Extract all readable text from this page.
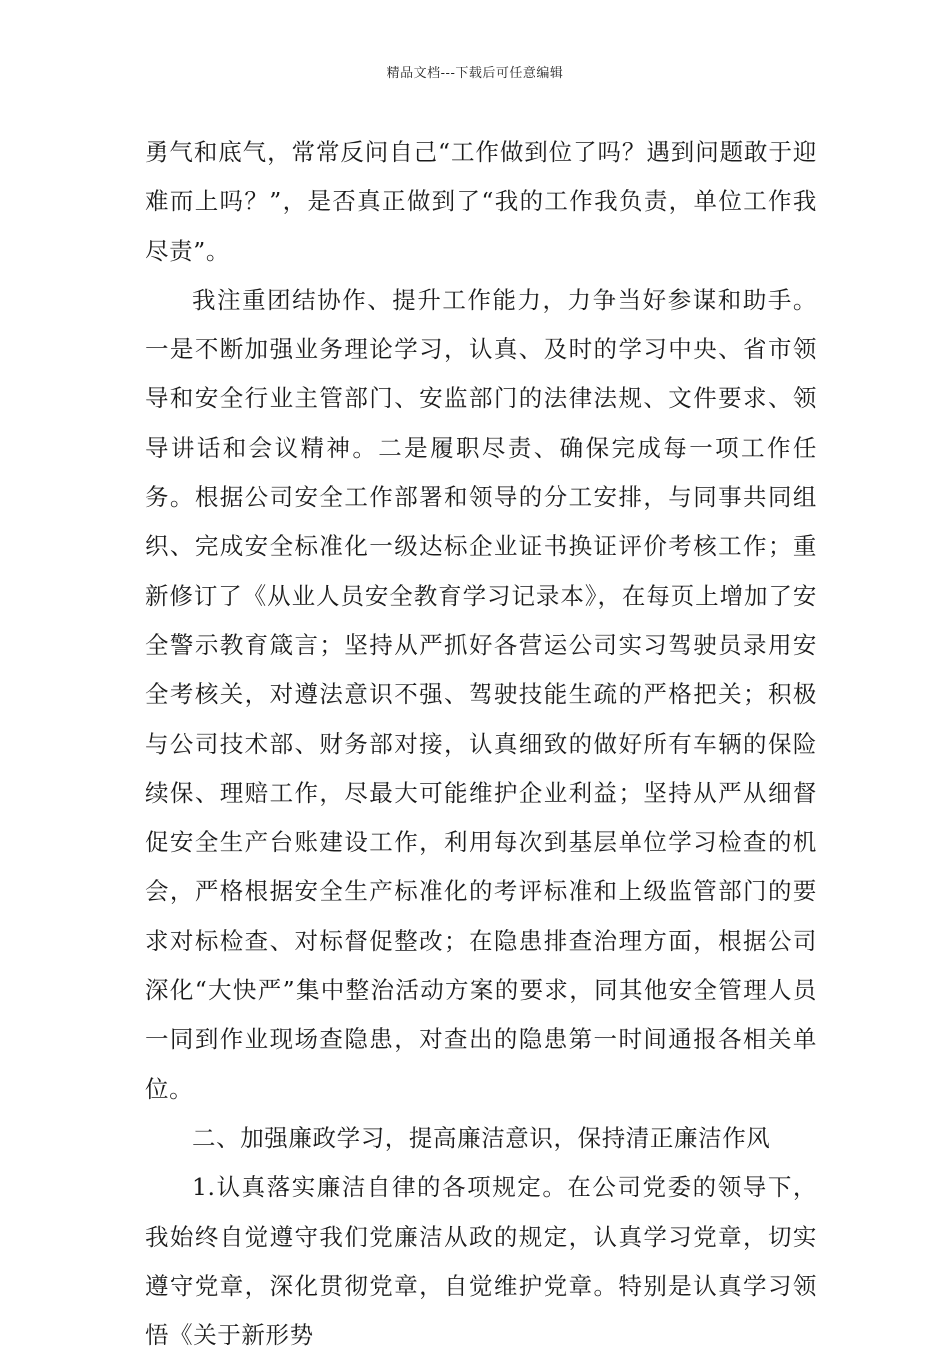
精品文档---下载后可任意编辑

勇气和底气，常常反问自己“工作做到位了吗？遇到问题敢于迎难而上吗？”，是否真正做到了“我的工作我负责，单位工作我尽责”。

我注重团结协作、提升工作能力，力争当好参谋和助手。一是不断加强业务理论学习，认真、及时的学习中央、省市领导和安全行业主管部门、安监部门的法律法规、文件要求、领导讲话和会议精神。二是履职尽责、确保完成每一项工作任务。根据公司安全工作部署和领导的分工安排，与同事共同组织、完成安全标准化一级达标企业证书换证评价考核工作；重新修订了《从业人员安全教育学习记录本》，在每页上增加了安全警示教育箴言；坚持从严抓好各营运公司实习驾驶员录用安全考核关，对遵法意识不强、驾驶技能生疏的严格把关；积极与公司技术部、财务部对接，认真细致的做好所有车辆的保险续保、理赔工作，尽最大可能维护企业利益；坚持从严从细督促安全生产台账建设工作，利用每次到基层单位学习检查的机会，严格根据安全生产标准化的考评标准和上级监管部门的要求对标检查、对标督促整改；在隐患排查治理方面，根据公司深化“大快严”集中整治活动方案的要求，同其他安全管理人员一同到作业现场查隐患，对查出的隐患第一时间通报各相关单位。

二、加强廉政学习，提高廉洁意识，保持清正廉洁作风

1.认真落实廉洁自律的各项规定。在公司党委的领导下，我始终自觉遵守我们党廉洁从政的规定，认真学习党章，切实遵守党章，深化贯彻党章，自觉维护党章。特别是认真学习领悟《关于新形势
